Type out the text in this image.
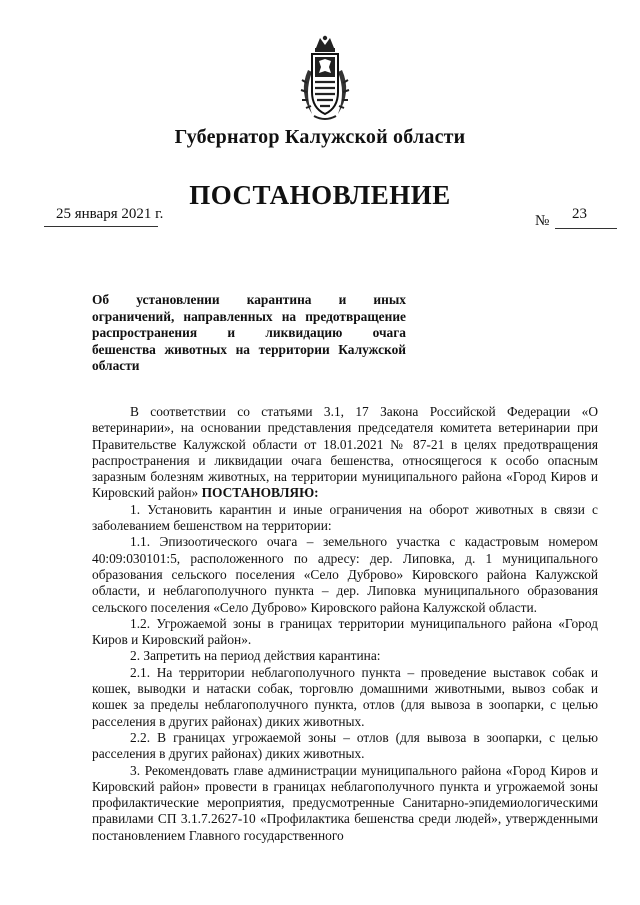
Губернатор Калужской области
ПОСТАНОВЛЕНИЕ
25 января 2021 г.	№ 23
Об установлении карантина и иных
ограничений, направленных на предотвращение
распространения и ликвидацию очага
бешенства животных на территории Калужской
области

В соответствии со статьями 3.1, 17 Закона Российской Федерации «О ветеринарии», на основании представления председателя комитета ветеринарии при Правительстве Калужской области от 18.01.2021 № 87-21 в целях предотвращения распространения и ликвидации очага бешенства, относящегося к особо опасным заразным болезням животных, на территории муниципального района «Город Киров и Кировский район» ПОСТАНОВЛЯЮ:

1. Установить карантин и иные ограничения на оборот животных в связи с заболеванием бешенством на территории:

1.1. Эпизоотического очага – земельного участка с кадастровым номером 40:09:030101:5, расположенного по адресу: дер. Липовка, д. 1 муниципального образования сельского поселения «Село Дуброво» Кировского района Калужской области, и неблагополучного пункта – дер. Липовка муниципального образования сельского поселения «Село Дуброво» Кировского района Калужской области.

1.2. Угрожаемой зоны в границах территории муниципального района «Город Киров и Кировский район».

2. Запретить на период действия карантина:

2.1. На территории неблагополучного пункта – проведение выставок собак и кошек, выводки и натаски собак, торговлю домашними животными, вывоз собак и кошек за пределы неблагополучного пункта, отлов (для вывоза в зоопарки, с целью расселения в других районах) диких животных.

2.2. В границах угрожаемой зоны – отлов (для вывоза в зоопарки, с целью расселения в других районах) диких животных.

3. Рекомендовать главе администрации муниципального района «Город Киров и Кировский район» провести в границах неблагополучного пункта и угрожаемой зоны профилактические мероприятия, предусмотренные Санитарно-эпидемиологическими правилами СП 3.1.7.2627-10 «Профилактика бешенства среди людей», утвержденными постановлением Главного государственного
